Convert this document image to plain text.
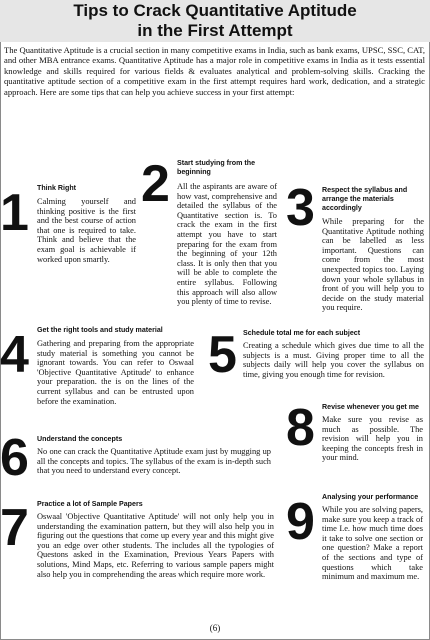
Tips to Crack Quantitative Aptitude
in the First Attempt

The Quantitative Aptitude is a crucial section in many competitive exams in India, such as bank exams, UPSC, SSC, CAT, and other MBA entrance exams. Quantitative Aptitude has a major role in competitive exams in India as it tests essential knowledge and skills required for various fields & evaluates analytical and problem-solving skills. Cracking the quantitative aptitude section of a competitive exam in the first attempt requires hard work, dedication, and a strategic approach. Here are some tips that can help you achieve success in your first attempt:

1 Think Right

Calming yourself and thinking positive is the first and the best course of action that one is required to take. Think and believe that the exam goal is achievable if worked upon smartly.

2 Start studying from the beginning

All the aspirants are aware of how vast, comprehensive and detailed the syllabus of the Quantitative section is. To crack the exam in the first attempt you have to start preparing for the exam from the beginning of your 12th class. It is only then that you will be able to complete the entire syllabus. Following this approach will also allow you plenty of time to revise.

3 Respect the syllabus and arrange the materials accordingly

While preparing for the Quantitative Aptitude nothing can be labelled as less important. Questions can come from the most unexpected topics too. Laying down your whole syllabus in front of you will help you to decide on the study material you require.

4 Get the right tools and study material

Gathering and preparing from the appropriate study material is something you cannot be ignorant towards. You can refer to Oswaal 'Objective Quantitative Aptitude' to enhance your preparation. the is on the lines of the current syllabus and can be entrusted upon before the examination.

5 Schedule total me for each subject

Creating a schedule which gives due time to all the subjects is a must. Giving proper time to all the subjects daily will help you cover the syllabus on time, giving you enough time for revision.

6 Understand the concepts

No one can crack the Quantitative Aptitude exam just by mugging up all the concepts and topics. The syllabus of the exam is in-depth such that you need to understand every concept.

7 Practice a lot of Sample Papers

Oswaal 'Objective Quantitative Aptitude' will not only help you in understanding the examination pattern, but they will also help you in figuring out the questions that come up every year and this might give you an edge over other students. The includes all the typologies of Questons asked in the Examination, Previous Years Papers with solutions, Mind Maps, etc. Referring to various sample papers might also help you in comprehending the areas which require more work.

8 Revise whenever you get me

Make sure you revise as much as possible. The revision will help you in keeping the concepts fresh in your mind.

9 Analysing your performance

While you are solving papers, make sure you keep a track of time I.e. how much time does it take to solve one section or one question? Make a report of the sections and type of questions which take minimum and maximum me.

(6)
